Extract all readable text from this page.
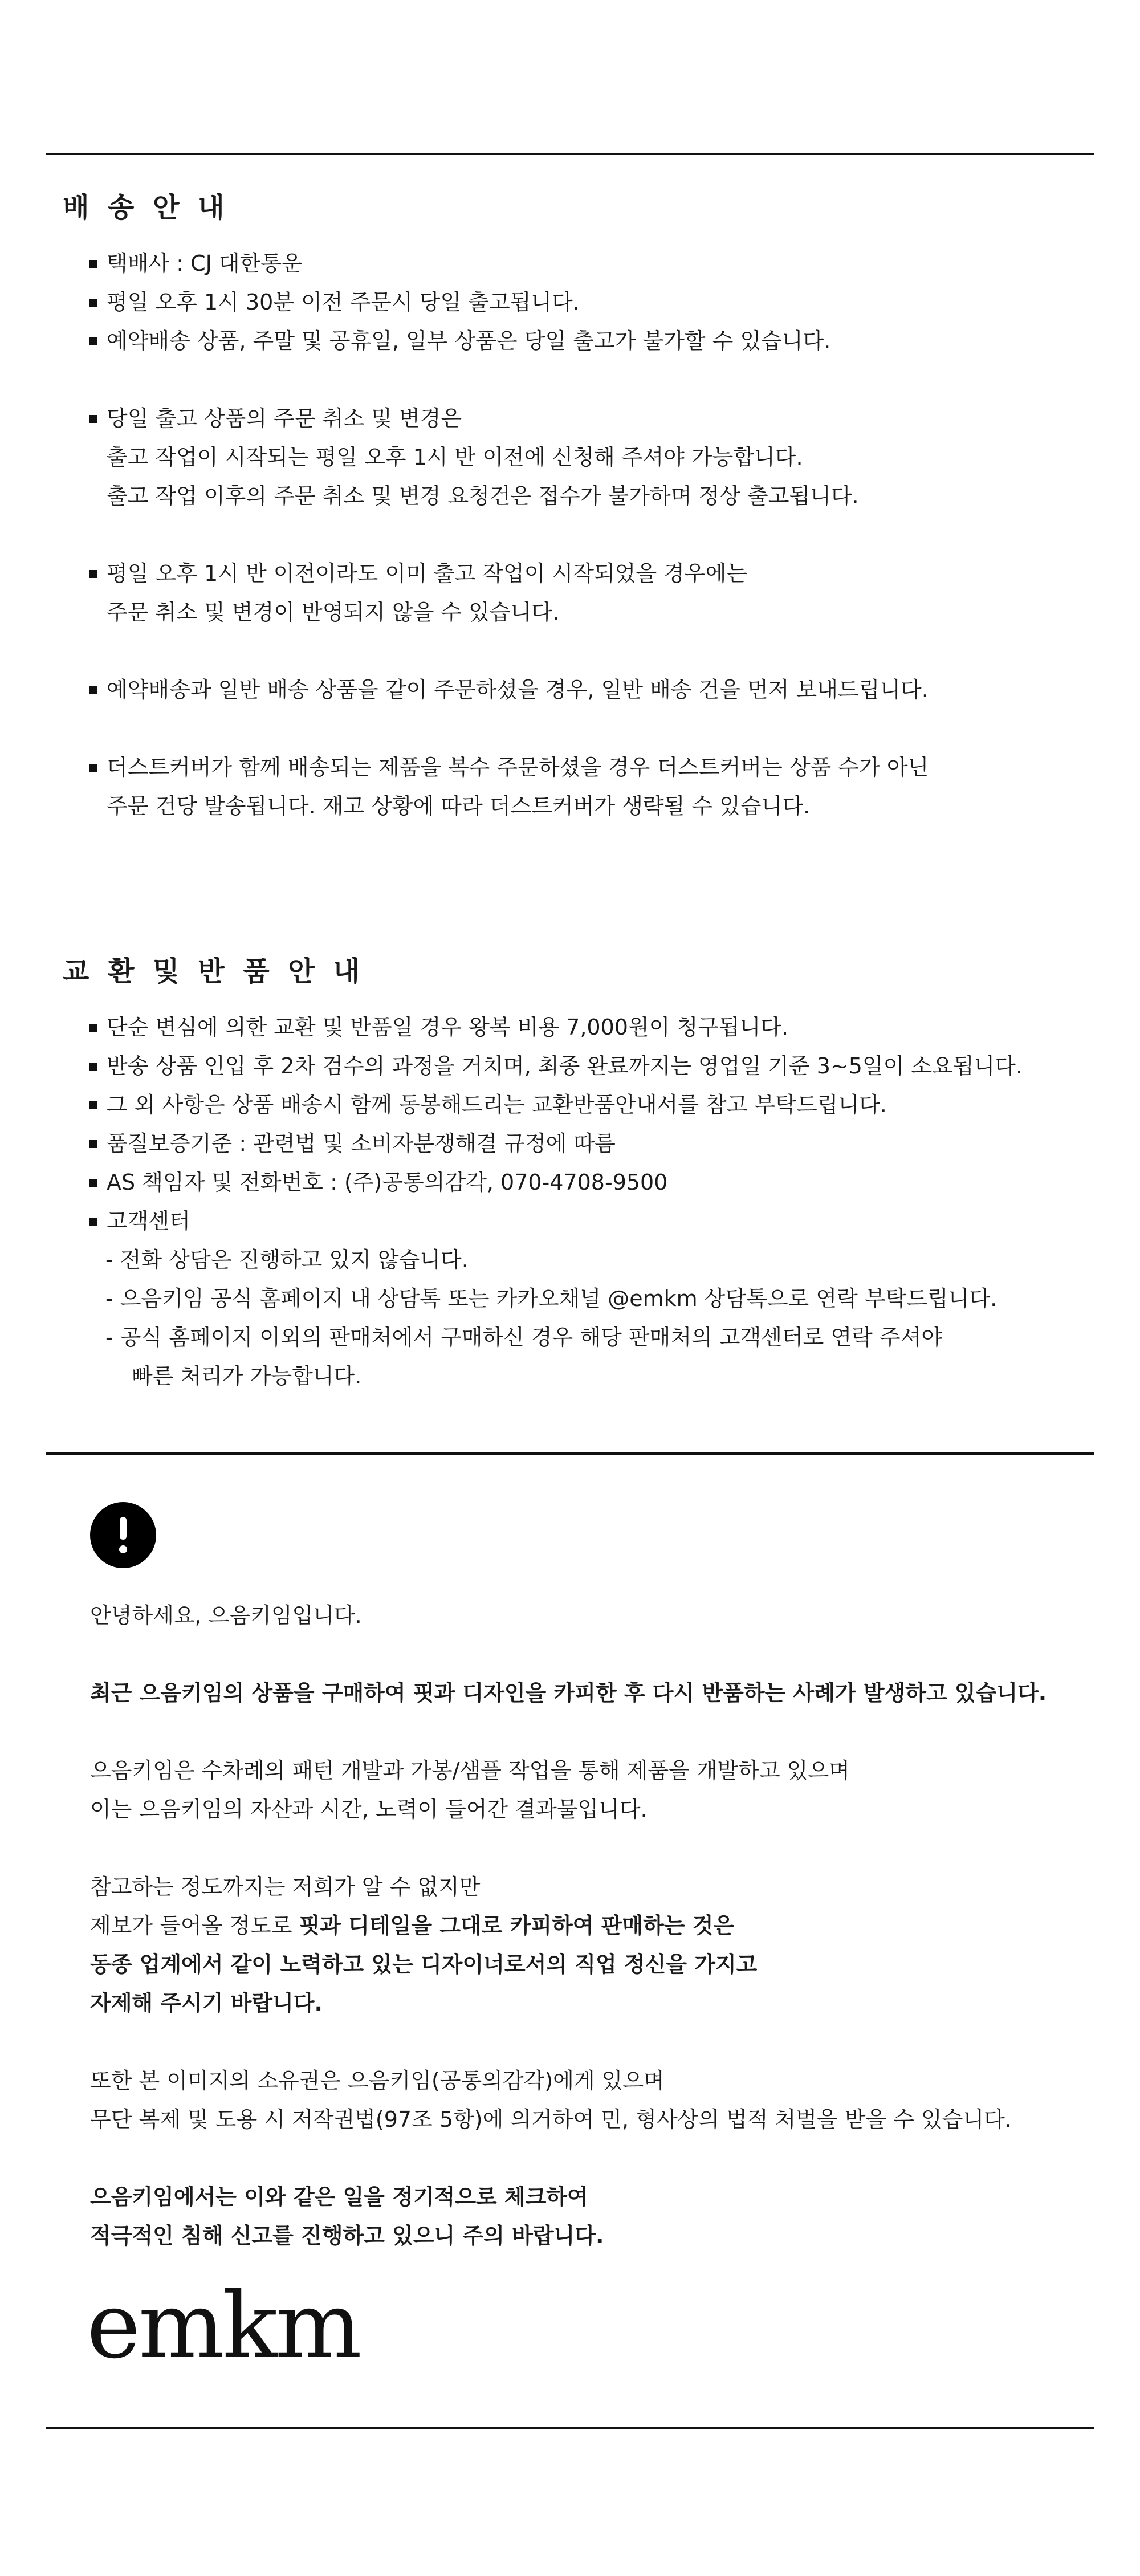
배 송 안 내
택배사 : CJ 대한통운
평일 오후 1시 30분 이전 주문시 당일 출고됩니다.
예약배송 상품, 주말 및 공휴일, 일부 상품은 당일 출고가 불가할 수 있습니다.
당일 출고 상품의 주문 취소 및 변경은
출고 작업이 시작되는 평일 오후 1시 반 이전에 신청해 주셔야 가능합니다.
출고 작업 이후의 주문 취소 및 변경 요청건은 접수가 불가하며 정상 출고됩니다.
평일 오후 1시 반 이전이라도 이미 출고 작업이 시작되었을 경우에는
주문 취소 및 변경이 반영되지 않을 수 있습니다.
예약배송과 일반 배송 상품을 같이 주문하셨을 경우, 일반 배송 건을 먼저 보내드립니다.
더스트커버가 함께 배송되는 제품을 복수 주문하셨을 경우 더스트커버는 상품 수가 아닌
주문 건당 발송됩니다. 재고 상황에 따라 더스트커버가 생략될 수 있습니다.
교 환 및 반 품 안 내
단순 변심에 의한 교환 및 반품일 경우 왕복 비용 7,000원이 청구됩니다.
반송 상품 인입 후 2차 검수의 과정을 거치며, 최종 완료까지는 영업일 기준 3~5일이 소요됩니다.
그 외 사항은 상품 배송시 함께 동봉해드리는 교환반품안내서를 참고 부탁드립니다.
품질보증기준 : 관련법 및 소비자분쟁해결 규정에 따름
AS 책임자 및 전화번호 : (주)공통의감각, 070-4708-9500
고객센터
- 전화 상담은 진행하고 있지 않습니다.
- 으음키임 공식 홈페이지 내 상담톡 또는 카카오채널 @emkm 상담톡으로 연락 부탁드립니다.
- 공식 홈페이지 이외의 판매처에서 구매하신 경우 해당 판매처의 고객센터로 연락 주셔야
빠른 처리가 가능합니다.

안녕하세요, 으음키임입니다.

최근 으음키임의 상품을 구매하여 핏과 디자인을 카피한 후 다시 반품하는 사례가 발생하고 있습니다.

으음키임은 수차례의 패턴 개발과 가봉/샘플 작업을 통해 제품을 개발하고 있으며

이는 으음키임의 자산과 시간, 노력이 들어간 결과물입니다.

참고하는 정도까지는 저희가 알 수 없지만

제보가 들어올 정도로 핏과 디테일을 그대로 카피하여 판매하는 것은

동종 업계에서 같이 노력하고 있는 디자이너로서의 직업 정신을 가지고

자제해 주시기 바랍니다.

또한 본 이미지의 소유권은 으음키임(공통의감각)에게 있으며

무단 복제 및 도용 시 저작권법(97조 5항)에 의거하여 민, 형사상의 법적 처벌을 받을 수 있습니다.

으음키임에서는 이와 같은 일을 정기적으로 체크하여

적극적인 침해 신고를 진행하고 있으니 주의 바랍니다.

emkm
